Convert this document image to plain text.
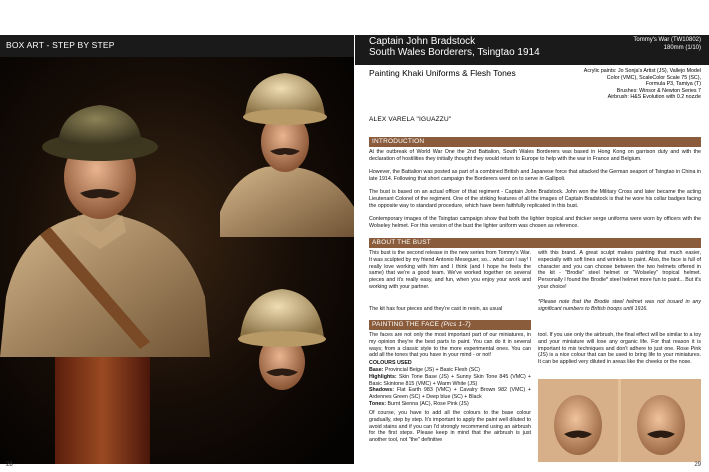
BOX ART - STEP BY STEP
28
Captain John Bradstock
South Wales Borderers, Tsingtao 1914
Tommy's War (TW10802)
180mm (1/10)
Painting Khaki Uniforms & Flesh Tones	Acrylic paints: Jo Sonja's Artist (JS), Vallejo Model
Color (VMC), ScaleColor Scale 75 (SC),
Formula P3, Tamiya (T)
Brushes: Winsor & Newton Series 7
Airbrush: H&S Evolution with 0.2 nozzle
ALEX VARELA "IGUAZZU"
INTRODUCTION

At the outbreak of World War One the 2nd Battalion, South Wales Borderers was based in Hong Kong on garrison duty and with the declaration of hostilities they initially thought they would return to Europe to help with the war in France and Belgium.

However, the Battalion was posted as part of a combined British and Japanese force that attacked the German seaport of Tsingtao in China in late 1914. Following that short campaign the Borderers went on to serve in Gallipoli.

The bust is based on an actual officer of that regiment - Captain John Bradstock. John won the Military Cross and later became the acting Lieutenant Colonel of the regiment. One of the striking features of all the images of Captain Bradstock is that he wore his collar badges facing the opposite way to standard procedure, which have been faithfully replicated in this bust.

Contemporary images of the Tsingtao campaign show that both the lighter tropical and thicker serge uniforms were worn by officers with the Wolseley helmet. For this version of the bust the lighter uniform was chosen as reference.

ABOUT THE BUST

This bust is the second release in the new series from Tommy's War. It was sculpted by my friend Antonio Meseguer, so... what can I say! I really love working with him and I think (and I hope he feels the same) that we're a good team. We've worked together on several pieces and it's really easy, and fun, when you enjoy your work and working with your partner.

The kit has four pieces and they're cast in resin, as usual

with this brand. A great sculpt makes painting that much easier, especially with soft lines and wrinkles to paint. Also, the face is full of character and you can choose between the two helmets offered in the kit - "Brodie" steel helmet or "Wolseley" tropical helmet. Personally I found the Brodie* steel helmet more fun to paint... But it's your choice!

*Please note that the Brodie steel helmet was not issued in any significant numbers to British troops until 1916.

PAINTING THE FACE (Pics 1-7)

The faces are not only the most important part of our miniatures, in my opinion they're the best parts to paint. You can do it in several ways; from a classic style to the more experimental ones. You can add all the tones that you have in your mind - or not!

COLOURS USED
Base: Provincial Beige (JS) + Basic Flesh (SC)
Highlights: Skin Tone Base (JS) + Sunny Skin Tone 845 (VMC) + Basic Skintone 815 (VMC) + Warm White (JS)
Shadows: Flat Earth 983 (VMC) + Cavalry Brown 982 (VMC) + Ardennes Green (SC) + Deep blue (SC) + Black
Tones: Burnt Sienna (AC), Rose Pink (JS)

Of course, you have to add all the colours to the base colour gradually, step by step. It's important to apply the paint well diluted to avoid stains and if you can I'd strongly recommend using an airbrush for the first steps. Please keep in mind that the airbrush is just another tool, not "the" definitive

tool. If you use only the airbrush, the final effect will be similar to a toy and your miniature will lose any organic life. For that reason it is important to mix techniques and don't adhere to just one. Rose Pink (JS) is a nice colour that can be used to bring life to your miniatures. It can be applied very diluted in areas like the cheeks or the nose.

29
